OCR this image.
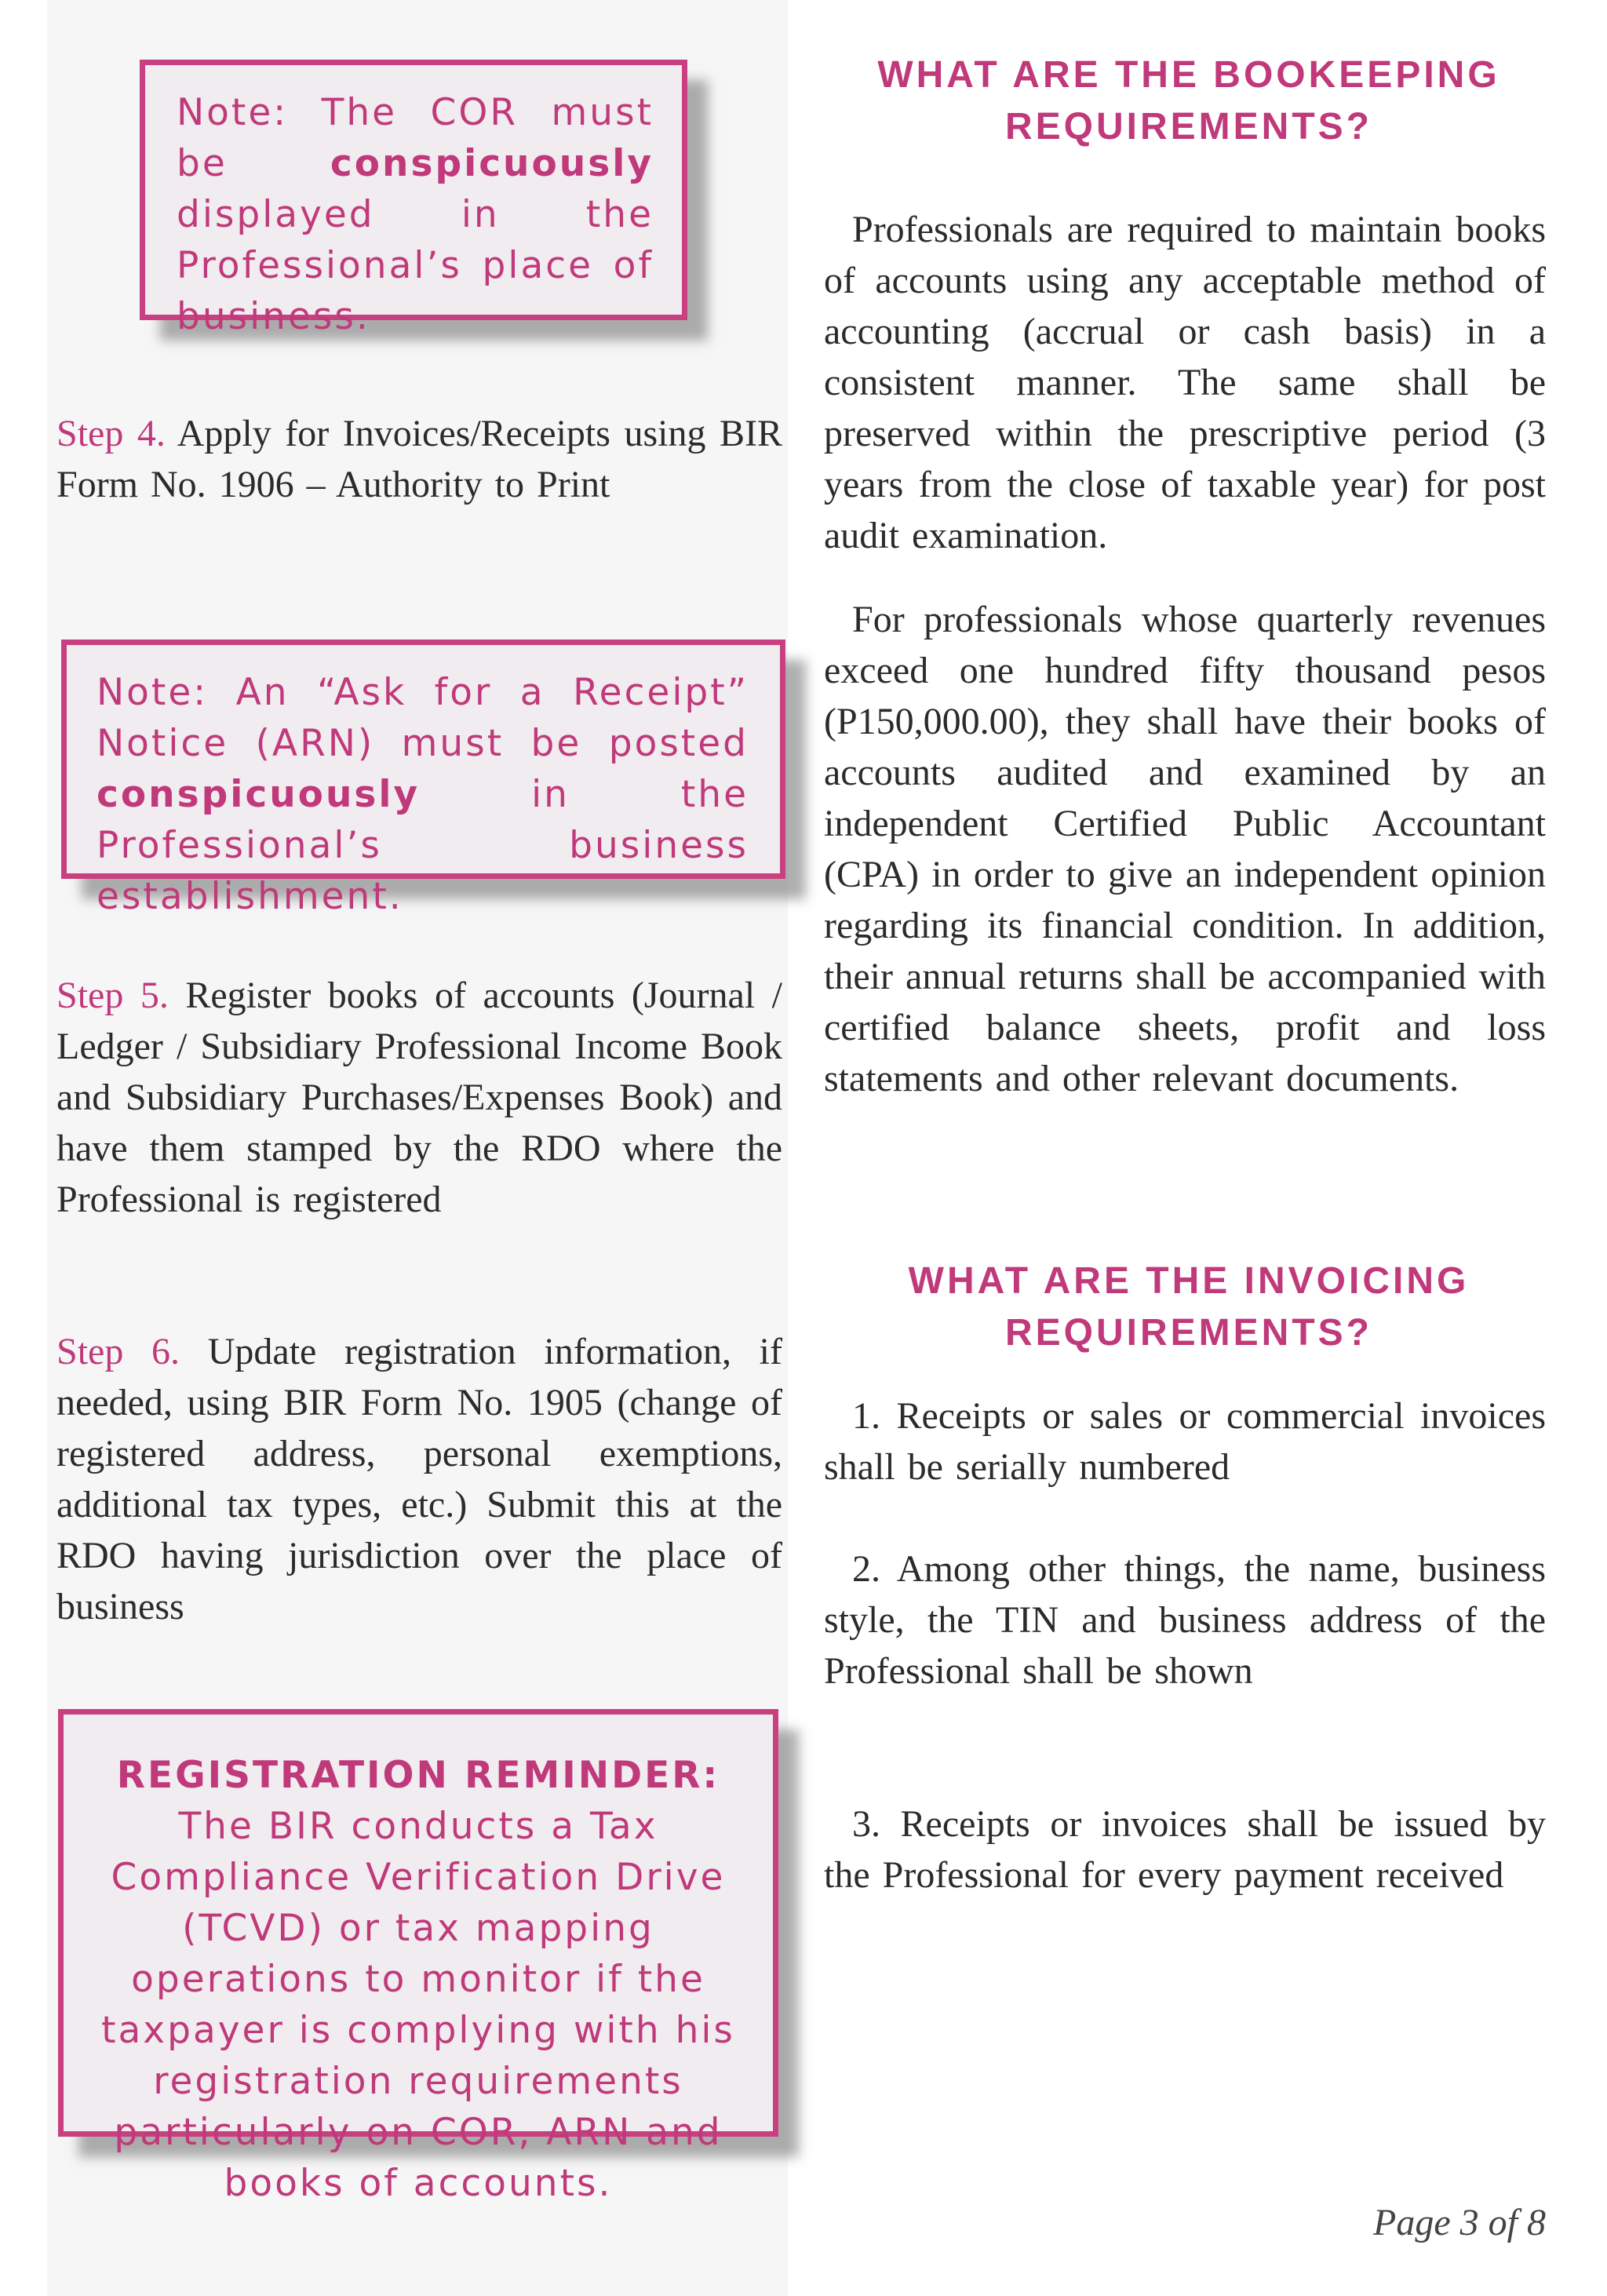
Note: The COR must be conspicuously displayed in the Professional’s place of business.
Step 4. Apply for Invoices/Receipts using BIR Form No. 1906 – Authority to Print
Note: An “Ask for a Receipt” Notice (ARN) must be posted conspicuously in the Professional’s business establishment.
Step 5. Register books of accounts (Journal / Ledger / Subsidiary Professional Income Book and Subsidiary Purchases/Expenses Book) and have them stamped by the RDO where the Professional is registered
Step 6. Update registration information, if needed, using BIR Form No. 1905 (change of registered address, personal exemptions, additional tax types, etc.) Submit this at the RDO having jurisdiction over the place of business
REGISTRATION REMINDER:
The BIR conducts a Tax Compliance Verification Drive (TCVD) or tax mapping operations to monitor if the taxpayer is complying with his registration requirements particularly on COR, ARN and books of accounts.
WHAT ARE THE BOOKEEPING
REQUIREMENTS?
Professionals are required to maintain books of accounts using any acceptable method of accounting (accrual or cash basis) in a consistent manner. The same shall be preserved within the prescriptive period (3 years from the close of taxable year) for post audit examination.
For professionals whose quarterly revenues exceed one hundred fifty thousand pesos (P150,000.00), they shall have their books of accounts audited and examined by an independent Certified Public Accountant (CPA) in order to give an independent opinion regarding its financial condition. In addition, their annual returns shall be accompanied with certified balance sheets, profit and loss statements and other relevant documents.
WHAT ARE THE INVOICING
REQUIREMENTS?
1. Receipts or sales or commercial invoices shall be serially numbered
2. Among other things, the name, business style, the TIN and business address of the Professional shall be shown
3. Receipts or invoices shall be issued by the Professional for every payment received
Page 3 of 8
